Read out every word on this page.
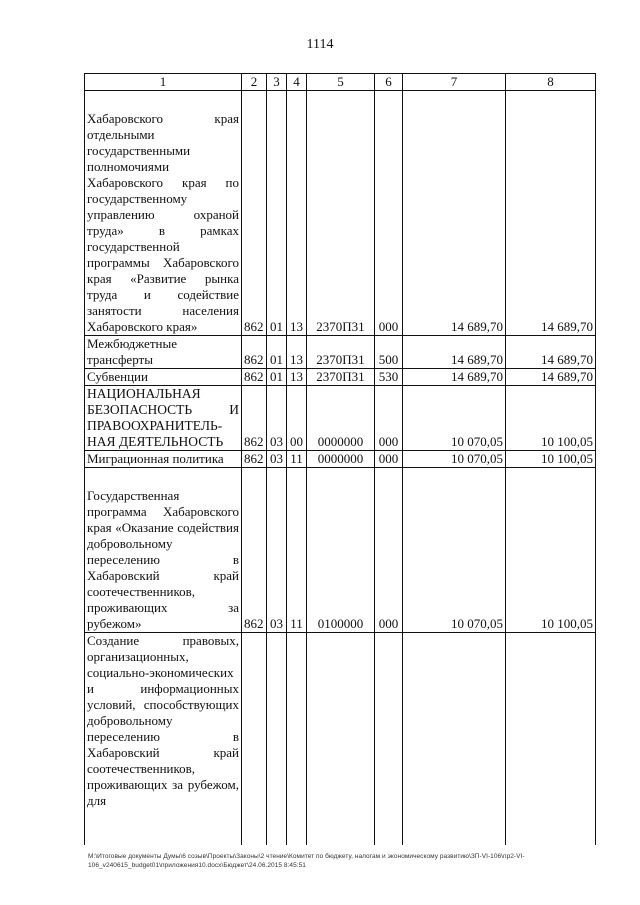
1114
1	2	3	4	5	6	7	8
Хабаровского края отдельными государственными полномочиями Хабаровского края по государственному управлению охраной труда» в рамках государственной программы Хабаровского края «Развитие рынка труда и содействие занятости населения Хабаровского края»	862	01	13	2370П31	000	14 689,70	14 689,70
Межбюджетные трансферты	862	01	13	2370П31	500	14 689,70	14 689,70
Субвенции	862	01	13	2370П31	530	14 689,70	14 689,70
НАЦИОНАЛЬНАЯ БЕЗОПАСНОСТЬ И ПРАВООХРАНИТЕЛЬ-НАЯ ДЕЯТЕЛЬНОСТЬ	862	03	00	0000000	000	10 070,05	10 100,05
Миграционная политика	862	03	11	0000000	000	10 070,05	10 100,05
Государственная программа Хабаровского края «Оказание содействия добровольному переселению в Хабаровский край соотечественников, проживающих за рубежом»	862	03	11	0100000	000	10 070,05	10 100,05
Создание правовых, организационных, социально-экономических и информационных условий, способствующих добровольному переселению в Хабаровский край соотечественников, проживающих за рубежом, для							
M:\Итоговые документы Думы\6 созыв\Проекты\Законы\2 чтение\Комитет по бюджету, налогам и экономическому развитию\ЗП-VI-106\пр2-VI-106_v240615_budget01\приложения10.docx\Бюджет\24.06.2015 8:45:51
